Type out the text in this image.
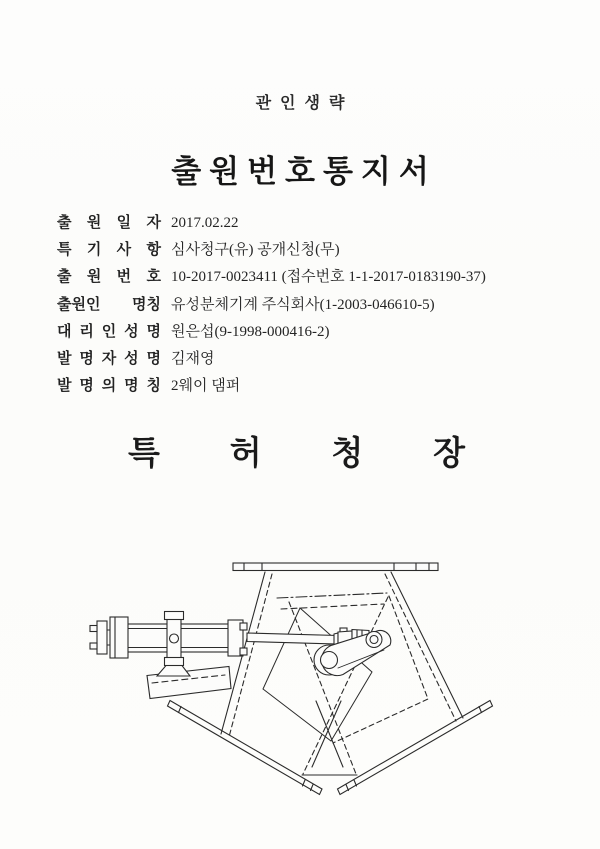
관인생략
출원번호통지서
출 원 일 자 2017.02.22
특 기 사 항 심사청구(유) 공개신청(무)
출 원 번 호 10-2017-0023411 (접수번호 1-1-2017-0183190-37)
출원인 명칭 유성분체기계 주식회사(1-2003-046610-5)
대 리 인 성 명 원은섭(9-1998-000416-2)
발 명 자 성 명 김재영
발 명 의 명 칭 2웨이 댐퍼
특 허 청 장
